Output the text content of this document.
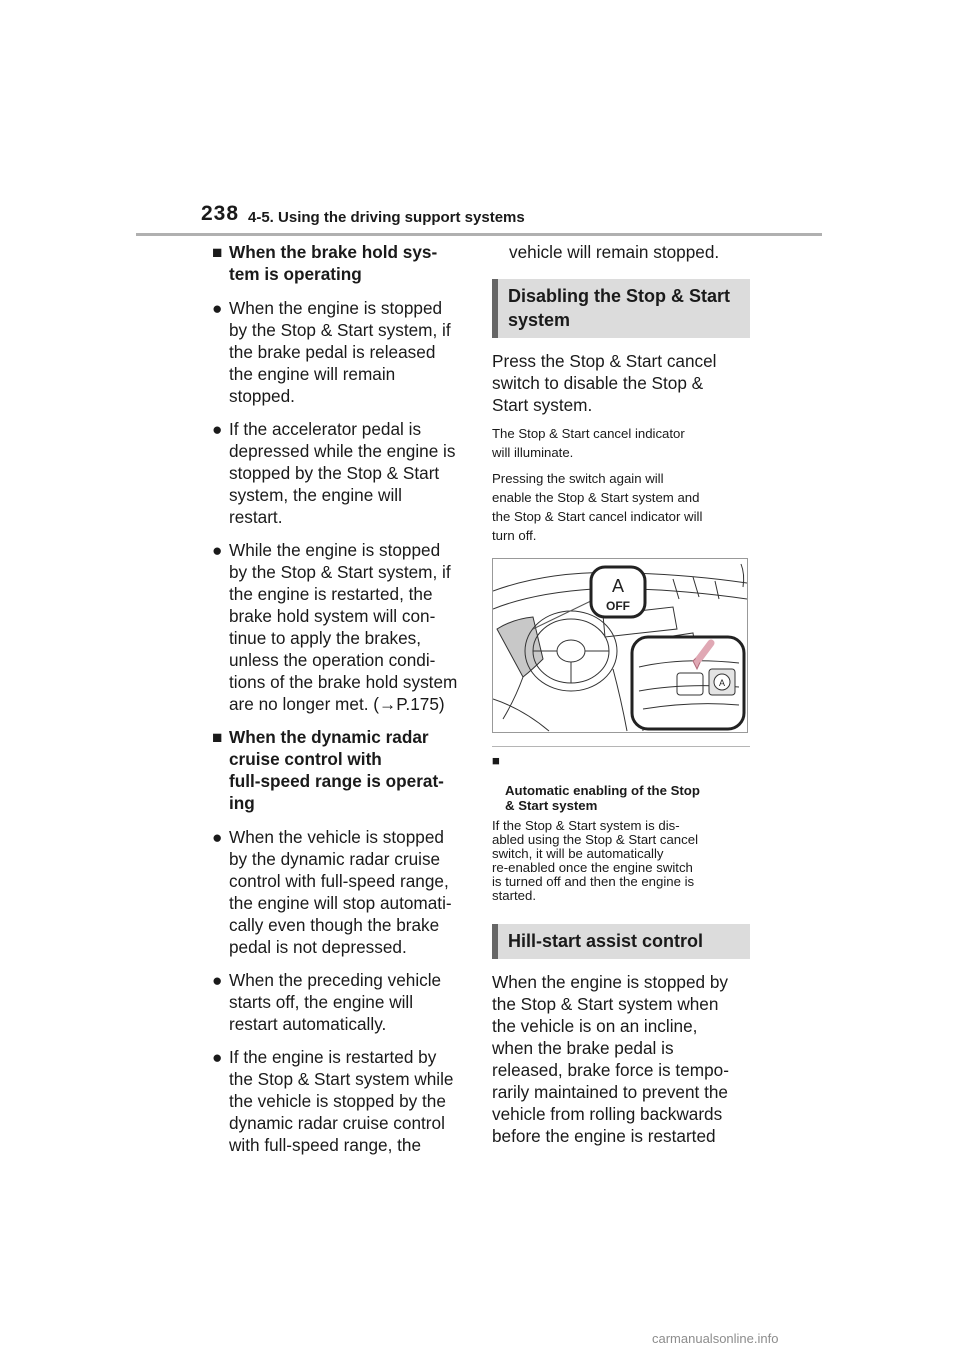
238 4-5. Using the driving support systems
■ When the brake hold sys-
tem is operating
● When the engine is stopped
by the Stop & Start system, if
the brake pedal is released
the engine will remain
stopped.
● If the accelerator pedal is
depressed while the engine is
stopped by the Stop & Start
system, the engine will
restart.
● While the engine is stopped
by the Stop & Start system, if
the engine is restarted, the
brake hold system will con-
tinue to apply the brakes,
unless the operation condi-
tions of the brake hold system
are no longer met. (→P.175)
■ When the dynamic radar
cruise control with
full-speed range is operat-
ing
● When the vehicle is stopped
by the dynamic radar cruise
control with full-speed range,
the engine will stop automati-
cally even though the brake
pedal is not depressed.
● When the preceding vehicle
starts off, the engine will
restart automatically.
● If the engine is restarted by
the Stop & Start system while
the vehicle is stopped by the
dynamic radar cruise control
with full-speed range, the
vehicle will remain stopped.
Disabling the Stop & Start
system
Press the Stop & Start cancel
switch to disable the Stop &
Start system.

The Stop & Start cancel indicator
will illuminate.

Pressing the switch again will
enable the Stop & Start system and
the Stop & Start cancel indicator will
turn off.

A
OFF
A

■

Automatic enabling of the Stop
& Start system

If the Stop & Start system is dis-
abled using the Stop & Start cancel
switch, it will be automatically
re-enabled once the engine switch
is turned off and then the engine is
started.

Hill-start assist control
When the engine is stopped by
the Stop & Start system when
the vehicle is on an incline,
when the brake pedal is
released, brake force is tempo-
rarily maintained to prevent the
vehicle from rolling backwards
before the engine is restarted
carmanualsonline.info
